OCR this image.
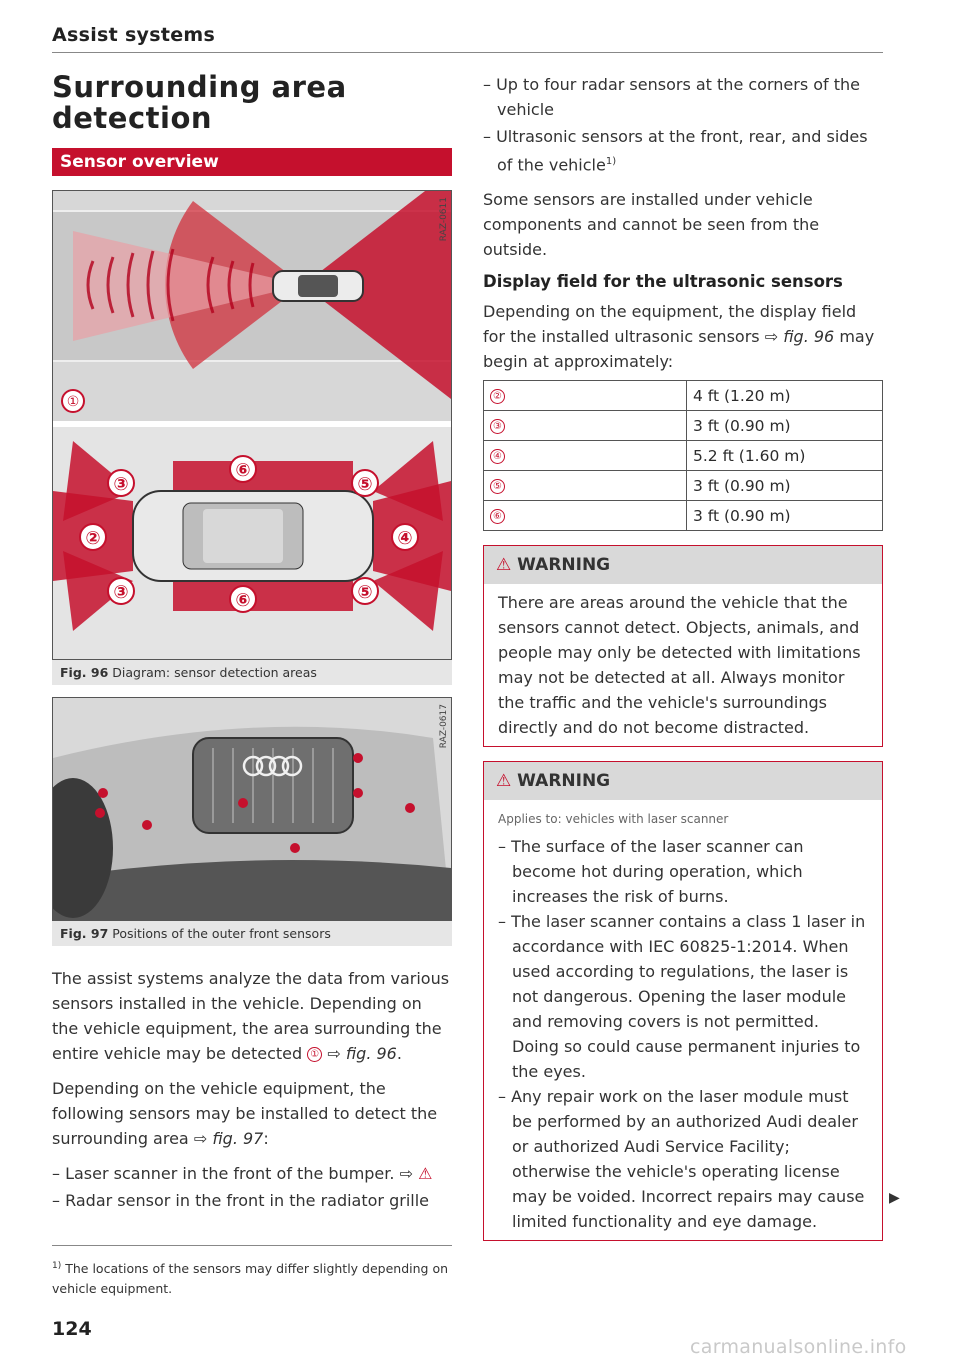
Assist systems
Surrounding area detection
Sensor overview
①
⑥
⑥
③
③
②	④
⑤
⑤
RAZ-0611
Fig. 96 Diagram: sensor detection areas
RAZ-0617
Fig. 97 Positions of the outer front sensors

The assist systems analyze the data from various sensors installed in the vehicle. Depending on the vehicle equipment, the area surrounding the entire vehicle may be detected ① ⇨ fig. 96.

Depending on the vehicle equipment, the following sensors may be installed to detect the surrounding area ⇨ fig. 97:

– Laser scanner in the front of the bumper. ⇨ ⚠

– Radar sensor in the front in the radiator grille

– Up to four radar sensors at the corners of the vehicle

– Ultrasonic sensors at the front, rear, and sides of the vehicle$^{1)}$

Some sensors are installed under vehicle components and cannot be seen from the outside.

Display field for the ultrasonic sensors
Depending on the equipment, the display field for the installed ultrasonic sensors ⇨ fig. 96 may begin at approximately:
②	4 ft (1.20 m)
③	3 ft (0.90 m)
④	5.2 ft (1.60 m)
⑤	3 ft (0.90 m)
⑥	3 ft (0.90 m)
⚠ WARNING
There are areas around the vehicle that the sensors cannot detect. Objects, animals, and people may only be detected with limitations may not be detected at all. Always monitor the traffic and the vehicle's surroundings directly and do not become distracted.
⚠ WARNING
Applies to: vehicles with laser scanner

– The surface of the laser scanner can become hot during operation, which increases the risk of burns.

– The laser scanner contains a class 1 laser in accordance with IEC 60825-1:2014. When used according to regulations, the laser is not dangerous. Opening the laser module and removing covers is not permitted. Doing so could cause permanent injuries to the eyes.

– Any repair work on the laser module must be performed by an authorized Audi dealer or authorized Audi Service Facility; otherwise the vehicle's operating license may be voided. Incorrect repairs may cause limited functionality and eye damage.

▶
$^{1)}$ The locations of the sensors may differ slightly depending on vehicle equipment.
124
carmanualsonline.info
